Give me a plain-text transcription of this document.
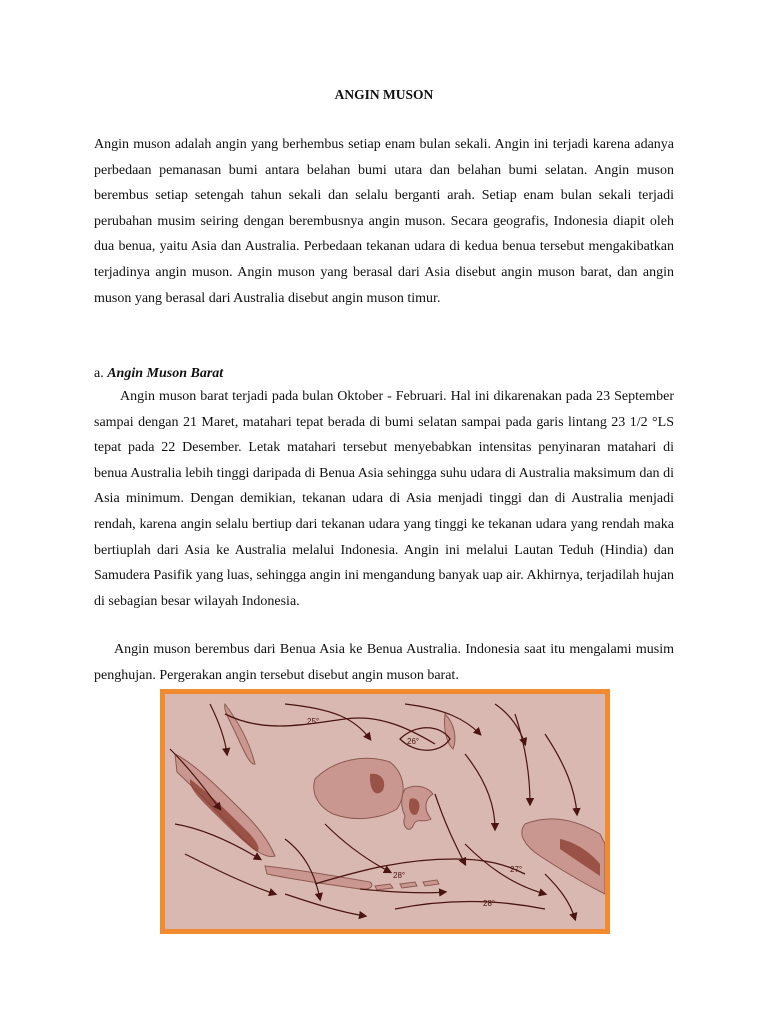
ANGIN MUSON

Angin muson adalah angin yang berhembus setiap enam bulan sekali. Angin ini terjadi karena adanya perbedaan pemanasan bumi antara belahan bumi utara dan belahan bumi selatan. Angin muson berembus setiap setengah tahun sekali dan selalu berganti arah. Setiap enam bulan sekali terjadi perubahan musim seiring dengan berembusnya angin muson. Secara geografis, Indonesia diapit oleh dua benua, yaitu Asia dan Australia. Perbedaan tekanan udara di kedua benua tersebut mengakibatkan terjadinya angin muson. Angin muson yang berasal dari Asia disebut angin muson barat, dan angin muson yang berasal dari Australia disebut angin muson timur.

a. Angin Muson Barat

Angin muson barat terjadi pada bulan Oktober - Februari. Hal ini dikarenakan pada 23 September sampai dengan 21 Maret, matahari tepat berada di bumi selatan sampai pada garis lintang 23 1/2 °LS tepat pada 22 Desember. Letak matahari tersebut menyebabkan intensitas penyinaran matahari di benua Australia lebih tinggi daripada di Benua Asia sehingga suhu udara di Australia maksimum dan di Asia minimum. Dengan demikian, tekanan udara di Asia menjadi tinggi dan di Australia menjadi rendah, karena angin selalu bertiup dari tekanan udara yang tinggi ke tekanan udara yang rendah maka bertiuplah dari Asia ke Australia melalui Indonesia. Angin ini melalui Lautan Teduh (Hindia) dan Samudera Pasifik yang luas, sehingga angin ini mengandung banyak uap air. Akhirnya, terjadilah hujan di sebagian besar wilayah Indonesia.

Angin muson berembus dari Benua Asia ke Benua Australia. Indonesia saat itu mengalami musim penghujan. Pergerakan angin tersebut disebut angin muson barat.

25°
26°
28°
27°
28°
